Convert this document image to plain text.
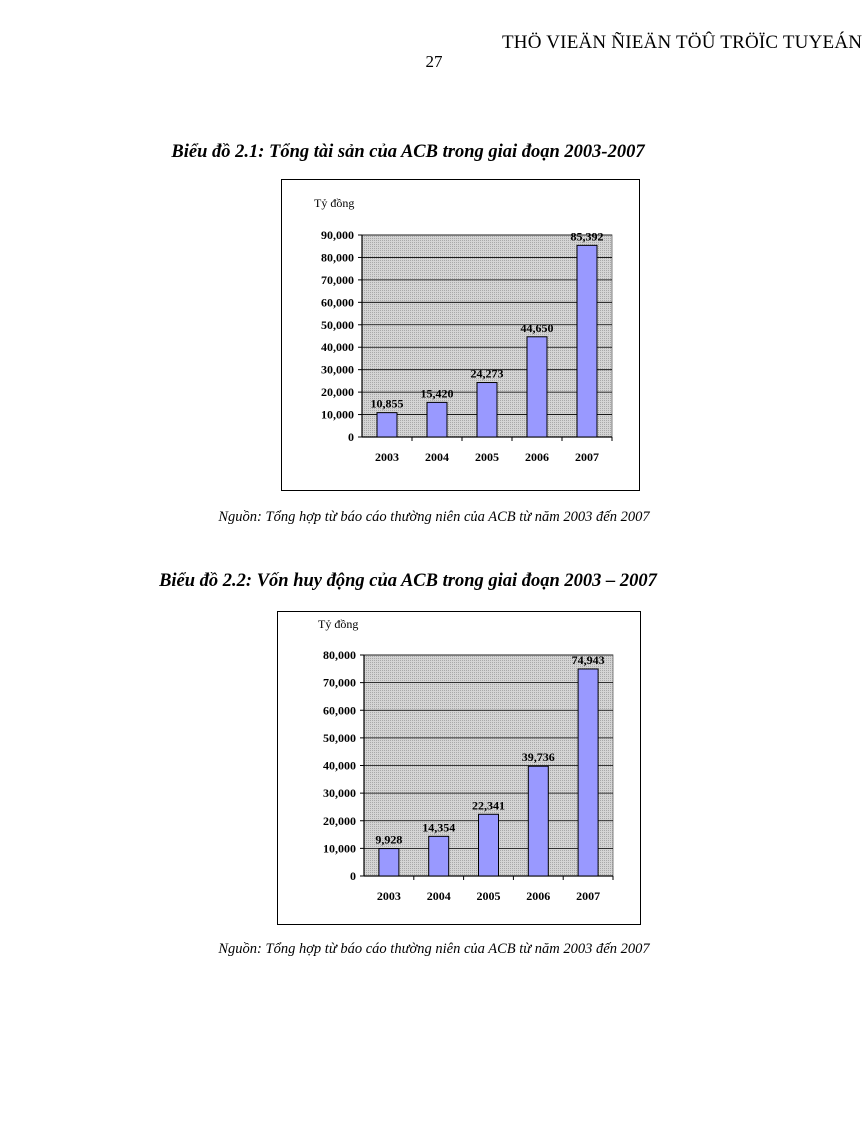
THÖ VIEÄN ÑIEÄN TÖÛ TRÖÏC TUYEÁN
27
Biểu đồ 2.1: Tổng tài sản của ACB trong giai đoạn 2003-2007
0
10,000
20,000
30,000
40,000
50,000
60,000
70,000
80,000
90,000
Tỷ đồng
10,855
2003
15,420
2004
24,273
2005
44,650
2006
85,392
2007
Nguồn: Tổng hợp từ báo cáo thường niên của ACB từ năm 2003 đến 2007
Biểu đồ 2.2: Vốn huy động của ACB trong giai đoạn 2003 – 2007
0
10,000
20,000
30,000
40,000
50,000
60,000
70,000
80,000
Tỷ đồng
9,928
2003
14,354
2004
22,341
2005
39,736
2006
74,943
2007
Nguồn: Tổng hợp từ báo cáo thường niên của ACB từ năm 2003 đến 2007
